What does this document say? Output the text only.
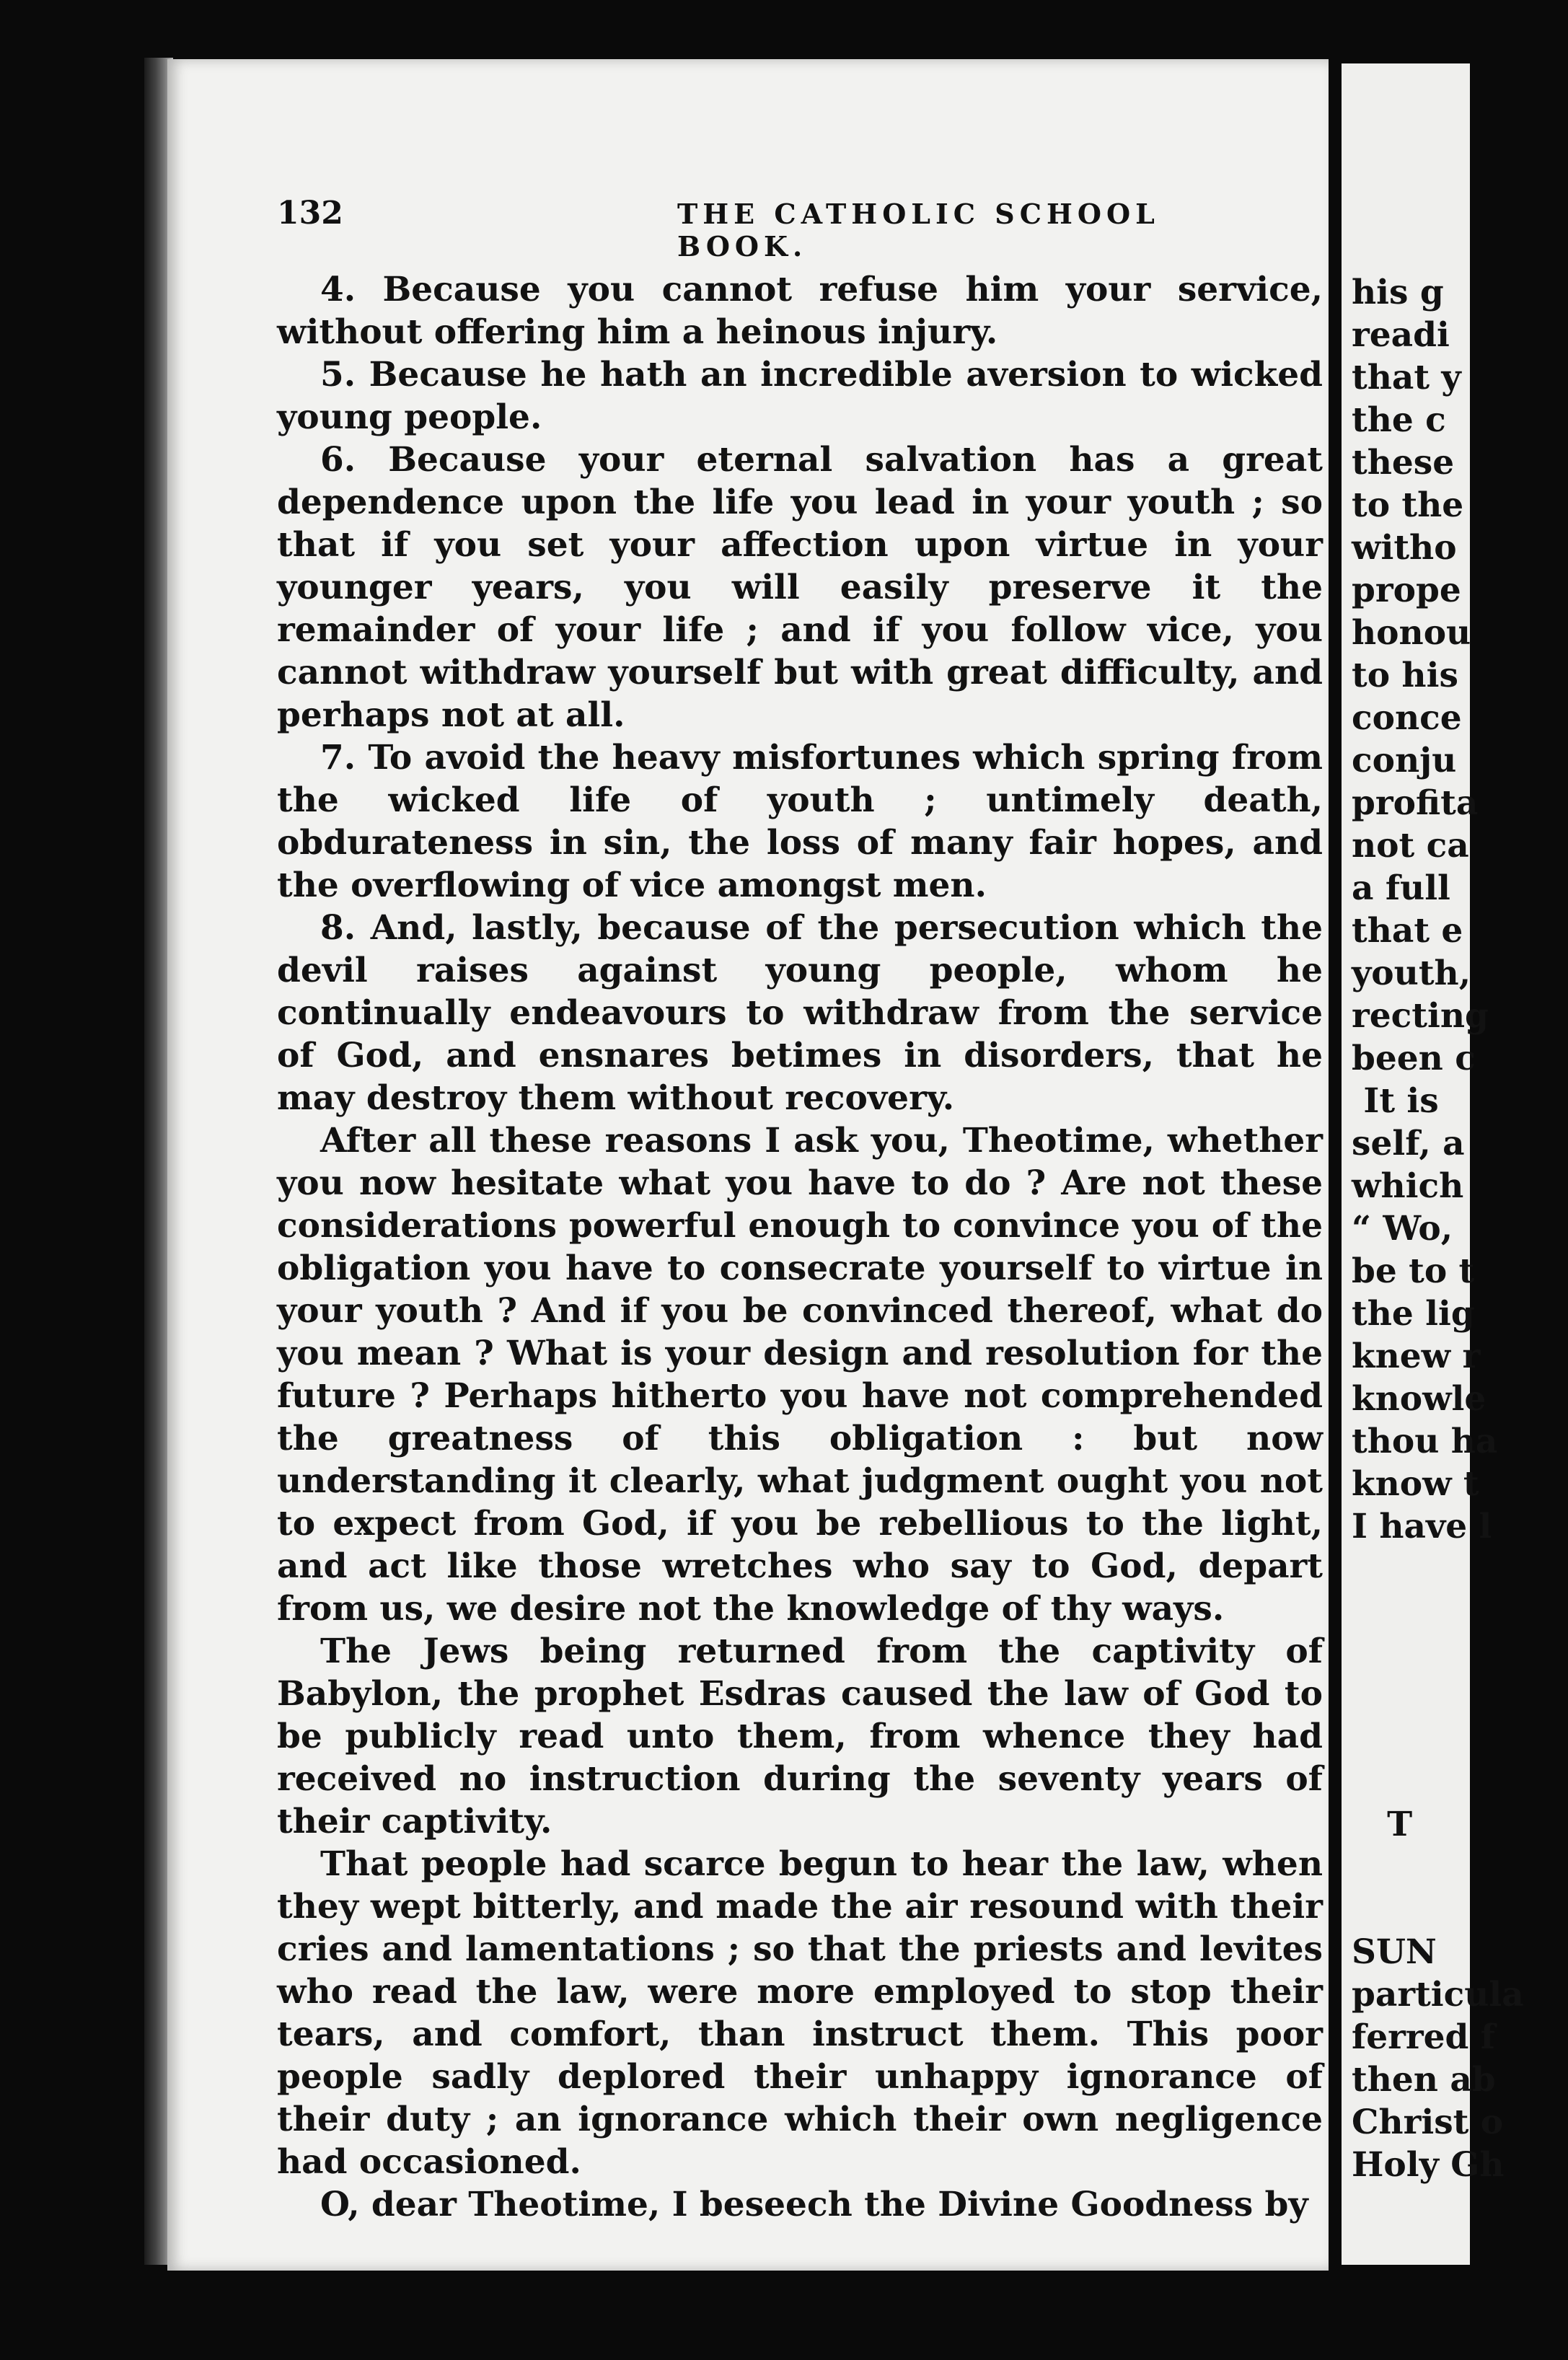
132	THE CATHOLIC SCHOOL BOOK.

4. Because you cannot refuse him your service, without offering him a heinous injury.

5. Because he hath an incredible aversion to wicked young people.

6. Because your eternal salvation has a great dependence upon the life you lead in your youth ; so that if you set your affection upon virtue in your younger years, you will easily preserve it the remainder of your life ; and if you follow vice, you cannot withdraw yourself but with great difficulty, and perhaps not at all.

7. To avoid the heavy misfortunes which spring from the wicked life of youth ; untimely death, obdurateness in sin, the loss of many fair hopes, and the overflowing of vice amongst men.

8. And, lastly, because of the persecution which the devil raises against young people, whom he continually endeavours to withdraw from the service of God, and ensnares betimes in disorders, that he may destroy them without recovery.

After all these reasons I ask you, Theotime, whether you now hesitate what you have to do ? Are not these considerations powerful enough to convince you of the obligation you have to consecrate yourself to virtue in your youth ? And if you be convinced thereof, what do you mean ? What is your design and resolution for the future ? Perhaps hitherto you have not comprehended the greatness of this obligation : but now understanding it clearly, what judgment ought you not to expect from God, if you be rebellious to the light, and act like those wretches who say to God, depart from us, we desire not the knowledge of thy ways.

The Jews being returned from the captivity of Babylon, the prophet Esdras caused the law of God to be publicly read unto them, from whence they had received no instruction during the seventy years of their captivity.

That people had scarce begun to hear the law, when they wept bitterly, and made the air resound with their cries and lamentations ; so that the priests and levites who read the law, were more employed to stop their tears, and comfort, than instruct them. This poor people sadly deplored their unhappy ignorance of their duty ; an ignorance which their own negligence had occasioned.

O, dear Theotime, I beseech the Divine Goodness by

his g
readi
that y
the c
these
to the
witho
prope
honou
to his
conce
conju
profita
not ca
a full
that e
youth,
recting
been c
It is
self, a
which
“ Wo,
be to t
the lig
knew r
knowle
thou ha
know t
I have l
T
SUN
particula
ferred f
then ab
Christ o
Holy Gh
